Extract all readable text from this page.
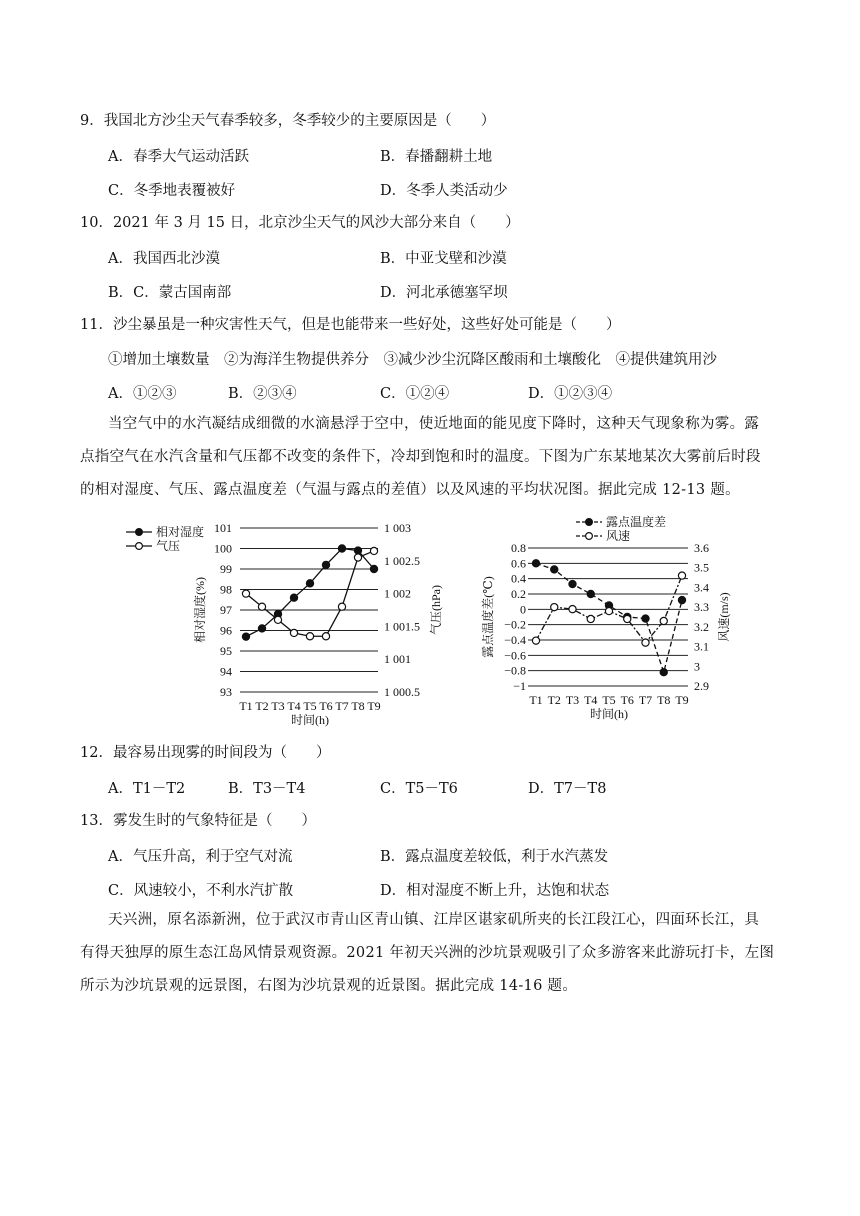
9．我国北方沙尘天气春季较多，冬季较少的主要原因是（　　）
A．春季大气运动活跃	B．春播翻耕土地
C．冬季地表覆被好	D．冬季人类活动少
10．2021 年 3 月 15 日，北京沙尘天气的风沙大部分来自（　　）
A．我国西北沙漠	B．中亚戈壁和沙漠
B．C．蒙古国南部	D．河北承德塞罕坝
11．沙尘暴虽是一种灾害性天气，但是也能带来一些好处，这些好处可能是（　　）
①增加土壤数量　②为海洋生物提供养分　③减少沙尘沉降区酸雨和土壤酸化　④提供建筑用沙
A．①②③	B．②③④	C．①②④	D．①②③④
当空气中的水汽凝结成细微的水滴悬浮于空中，使近地面的能见度下降时，这种天气现象称为雾。露
点指空气在水汽含量和气压都不改变的条件下，冷却到饱和时的温度。下图为广东某地某次大雾前后时段
的相对湿度、气压、露点温度差（气温与露点的差值）以及风速的平均状况图。据此完成 12-13 题。
93
94
95
96
97
98
99
100
101
1 000.5
1 001
1 001.5
1 002
1 002.5
1 003
T1 T2 T3 T4 T5 T6 T7 T8 T9
时间(h)
相对湿度(%)	气压(hPa)
相对湿度
气压
−1
−0.8
−0.6
−0.4
−0.2
0
0.2
0.4
0.6
0.8
2.9
3
3.1
3.2
3.3
3.4
3.5
3.6
T1 T2 T3 T4 T5 T6 T7 T8 T9
时间(h)
露点温度差(℃)	风速(m/s)
露点温度差
风速
12．最容易出现雾的时间段为（　　）
A．T1－T2	B．T3－T4	C．T5－T6	D．T7－T8
13．雾发生时的气象特征是（　　）
A．气压升高，利于空气对流	B．露点温度差较低，利于水汽蒸发
C．风速较小，不利水汽扩散	D．相对湿度不断上升，达饱和状态
天兴洲，原名添新洲，位于武汉市青山区青山镇、江岸区谌家矶所夹的长江段江心，四面环长江，具
有得天独厚的原生态江岛风情景观资源。2021 年初天兴洲的沙坑景观吸引了众多游客来此游玩打卡，左图
所示为沙坑景观的远景图，右图为沙坑景观的近景图。据此完成 14-16 题。
